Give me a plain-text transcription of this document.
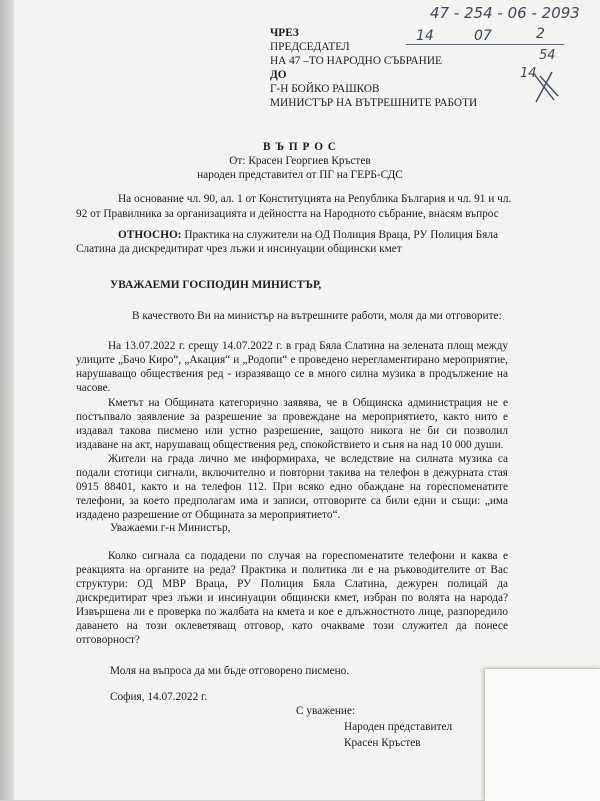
ЧРЕЗ
ПРЕДСЕДАТЕЛ
НА 47 –ТО НАРОДНО СЪБРАНИЕ
ДО
Г-Н БОЙКО РАШКОВ
МИНИСТЪР НА ВЪТРЕШНИТЕ РАБОТИ
47 - 254 - 06 - 2093
14	07	2
54
14
В Ъ П Р О С
От: Красен Георгиев Кръстев
народен представител от ПГ на ГЕРБ-СДС
На основание чл. 90, ал. 1 от Конституцията на Република България и чл. 91 и чл.
92 от Правилника за организацията и дейността на Народното събрание, внасям въпрос
ОТНОСНО: Практика на служители на ОД Полиция Враца, РУ Полиция Бяла
Слатина да дискредитират чрез лъжи и инсинуации общински кмет
УВАЖАЕМИ ГОСПОДИН МИНИСТЪР,
В качеството Ви на министър на вътрешните работи, моля да ми отговорите:
На 13.07.2022 г. срещу 14.07.2022 г. в град Бяла Слатина на зелената площ между улиците „Бачо Киро“, „Акация“ и „Родопи“ е проведено нерегламентирано мероприятие, нарушаващо обществения ред - изразяващо се в много силна музика в продължение на часове.
Кметът на Общината категорично заявява, че в Общинска администрация не е постъпвало заявление за разрешение за провеждане на мероприятието, както нито е издавал такова писмено или устно разрешение, защото никога не би си позволил издаване на акт, нарушаващ обществения ред, спокойствието и съня на над 10 000 души.
Жители на града лично ме информираха, че вследствие на силната музика са подали стотици сигнали, включително и повторни такива на телефон в дежурната стая 0915 88401, както и на телефон 112. При всяко едно обаждане на гореспоменатите телефони, за което предполагам има и записи, отговорите са били едни и същи: „има издадено разрешение от Общината за мероприятието“.
Уважаеми г-н Министър,
Колко сигнала са подадени по случая на гореспоменатите телефони и каква е реакцията на органите на реда? Практика и политика ли е на ръководителите от Вас структури: ОД МВР Враца, РУ Полиция Бяла Слатина, дежурен полицай да дискредитират чрез лъжи и инсинуации общински кмет, избран по волята на народа? Извършена ли е проверка по жалбата на кмета и кое е длъжностното лице, разпоредило даването на този оклеветяващ отговор, като очакваме този служител да понесе отговорност?
Моля на въпроса да ми бъде отговорено писмено.
София, 14.07.2022 г.
С уважение:
Народен представител
Красен Кръстев
